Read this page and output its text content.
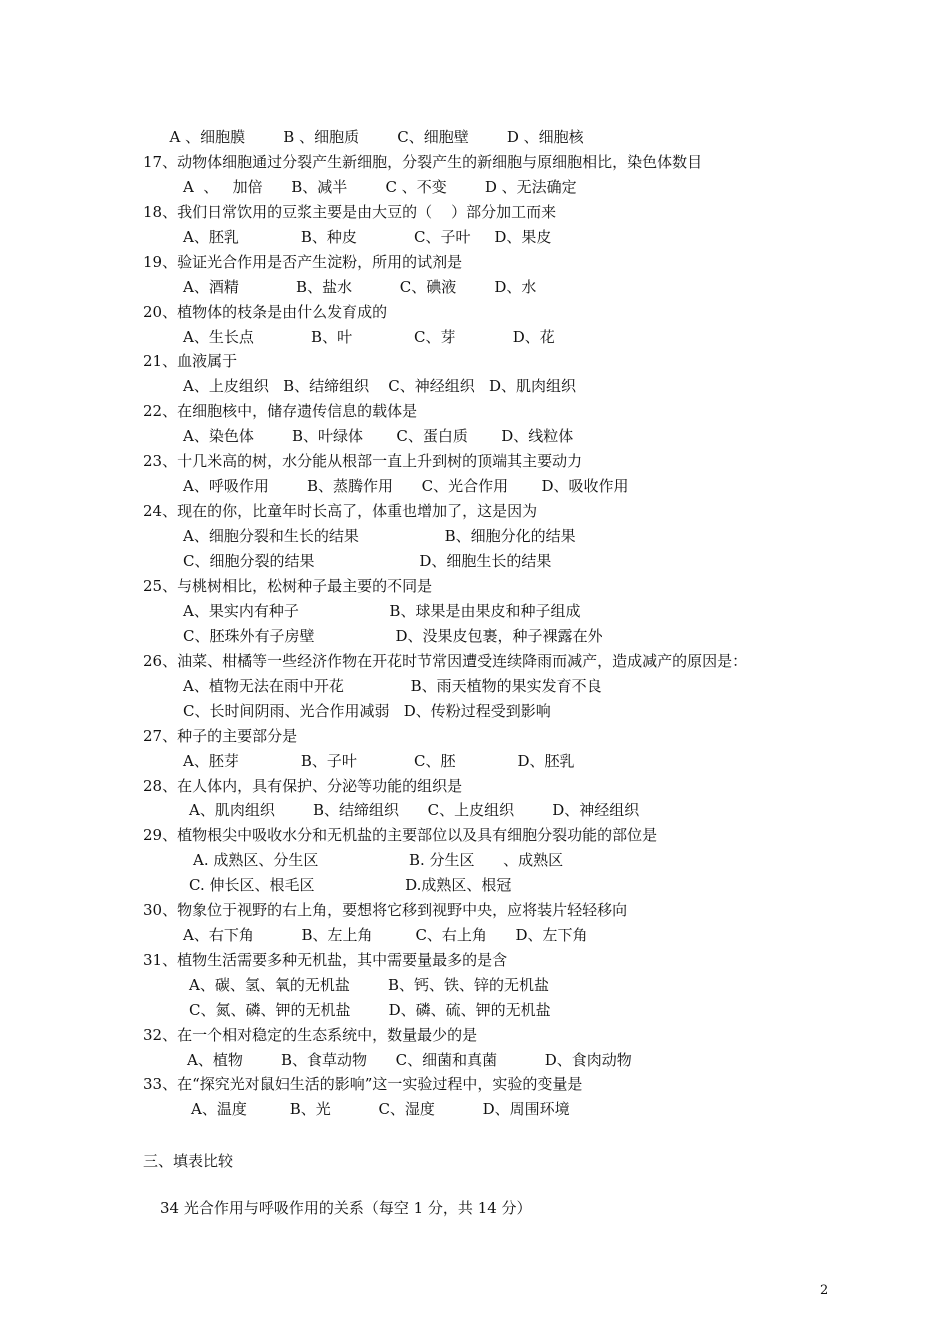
A 、细胞膜        B 、细胞质        C、细胞壁        D 、细胞核
17、动物体细胞通过分裂产生新细胞，分裂产生的新细胞与原细胞相比，染色体数目
A  、   加倍      B、减半        C 、不变        D 、无法确定
18、我们日常饮用的豆浆主要是由大豆的（    ）部分加工而来
A、胚乳             B、种皮            C、子叶     D、果皮
19、验证光合作用是否产生淀粉，所用的试剂是
A、酒精            B、盐水          C、碘液        D、水
20、植物体的枝条是由什么发育成的
A、生长点            B、叶             C、芽            D、花
21、血液属于
A、上皮组织   B、结缔组织    C、神经组织   D、肌肉组织
22、在细胞核中，储存遗传信息的载体是
A、染色体        B、叶绿体       C、蛋白质       D、线粒体
23、十几米高的树，水分能从根部一直上升到树的顶端其主要动力
A、呼吸作用        B、蒸腾作用      C、光合作用       D、吸收作用
24、现在的你，比童年时长高了，体重也增加了，这是因为
A、细胞分裂和生长的结果                  B、细胞分化的结果
C、细胞分裂的结果                      D、细胞生长的结果
25、与桃树相比，松树种子最主要的不同是
A、果实内有种子                   B、球果是由果皮和种子组成
C、胚珠外有子房壁                 D、没果皮包裹，种子裸露在外
26、油菜、柑橘等一些经济作物在开花时节常因遭受连续降雨而减产，造成减产的原因是：
A、植物无法在雨中开花              B、雨天植物的果实发育不良
C、长时间阴雨、光合作用减弱   D、传粉过程受到影响
27、种子的主要部分是
A、胚芽             B、子叶            C、胚             D、胚乳
28、在人体内，具有保护、分泌等功能的组织是
A、肌肉组织        B、结缔组织      C、上皮组织        D、神经组织
29、植物根尖中吸收水分和无机盐的主要部位以及具有细胞分裂功能的部位是
A. 成熟区、分生区                   B. 分生区      、成熟区
C. 伸长区、根毛区                   D.成熟区、根冠
30、物象位于视野的右上角，要想将它移到视野中央，应将装片轻轻移向
A、右下角          B、左上角         C、右上角      D、左下角
31、植物生活需要多种无机盐，其中需要量最多的是含
A、碳、氢、氧的无机盐        B、钙、铁、锌的无机盐
C、氮、磷、钾的无机盐        D、磷、硫、钾的无机盐
32、在一个相对稳定的生态系统中，数量最少的是
A、植物        B、食草动物      C、细菌和真菌          D、食肉动物
33、在“探究光对鼠妇生活的影响”这一实验过程中，实验的变量是
A、温度         B、光          C、湿度          D、周围环境
三、填表比较
34 光合作用与呼吸作用的关系（每空 1 分，共 14 分）
2
